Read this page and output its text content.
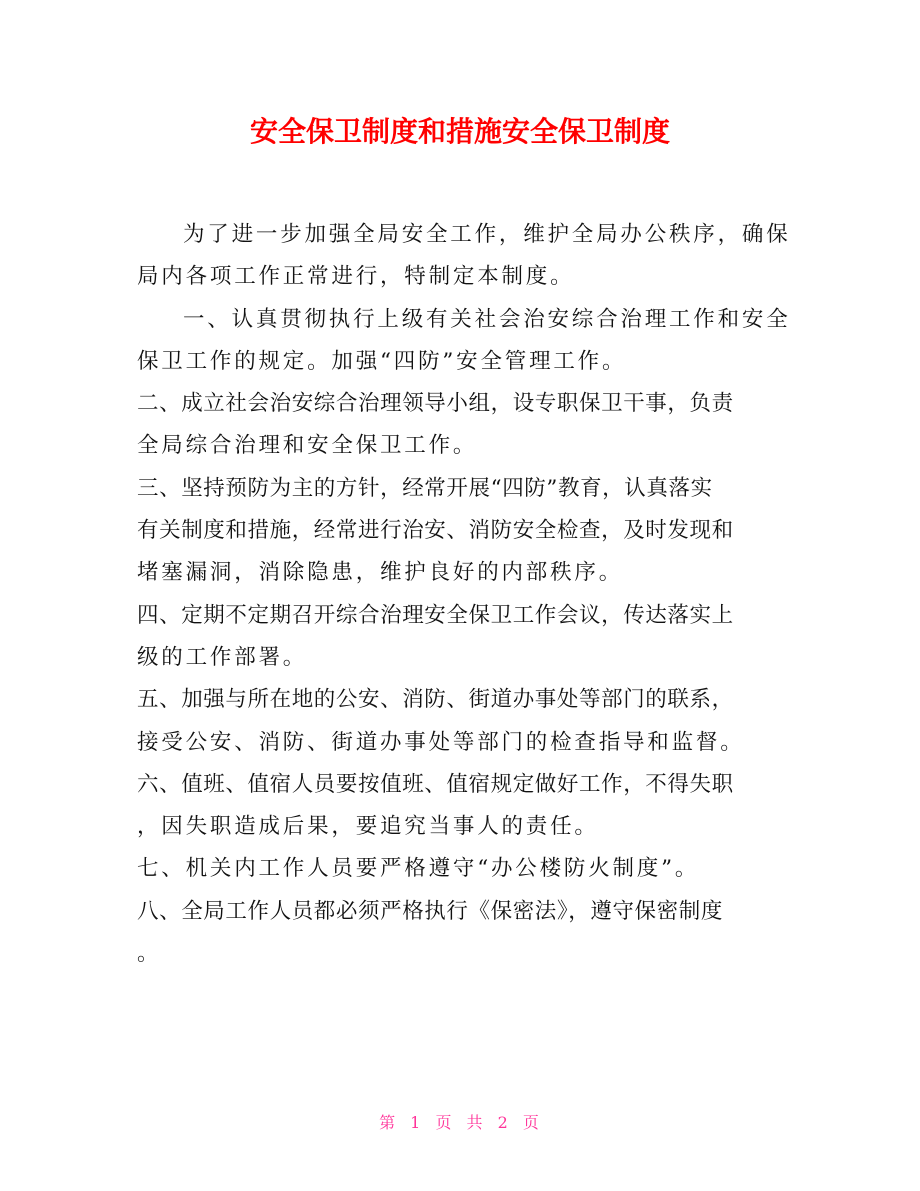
安全保卫制度和措施安全保卫制度
为了进一步加强全局安全工作，维护全局办公秩序，确保
局内各项工作正常进行，特制定本制度。
一、认真贯彻执行上级有关社会治安综合治理工作和安全
保卫工作的规定。加强“四防”安全管理工作。
二、成立社会治安综合治理领导小组，设专职保卫干事，负责
全局综合治理和安全保卫工作。
三、坚持预防为主的方针，经常开展“四防”教育，认真落实
有关制度和措施，经常进行治安、消防安全检查，及时发现和
堵塞漏洞，消除隐患，维护良好的内部秩序。
四、定期不定期召开综合治理安全保卫工作会议，传达落实上
级的工作部署。
五、加强与所在地的公安、消防、街道办事处等部门的联系，
接受公安、消防、街道办事处等部门的检查指导和监督。
六、值班、值宿人员要按值班、值宿规定做好工作，不得失职
，因失职造成后果，要追究当事人的责任。
七、机关内工作人员要严格遵守“办公楼防火制度”。
八、全局工作人员都必须严格执行《保密法》，遵守保密制度
。
第 1 页 共 2 页
